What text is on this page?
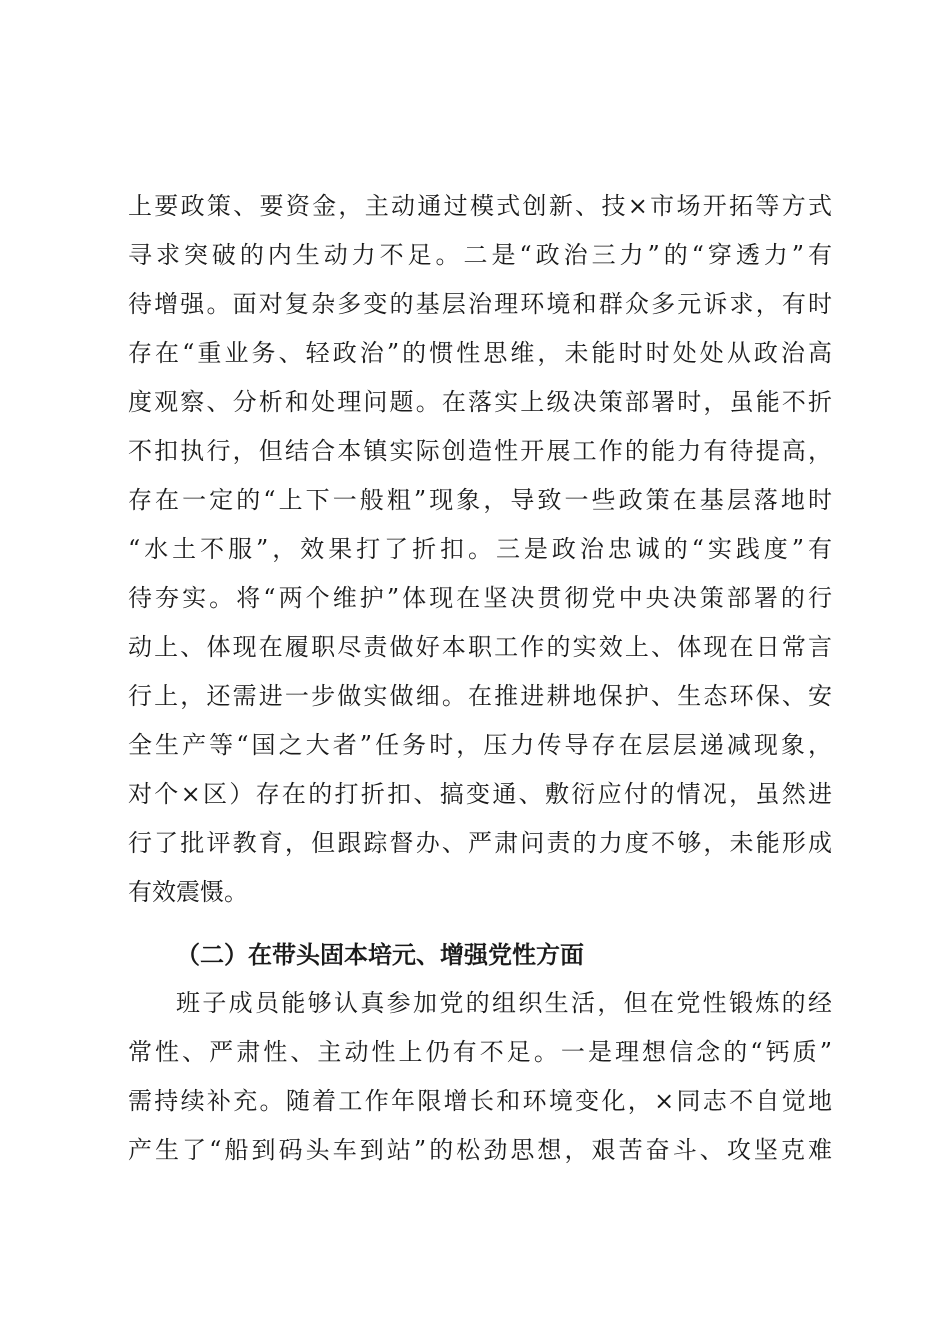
上要政策、要资金，主动通过模式创新、技×市场开拓等方式
寻求突破的内生动力不足。二是“政治三力”的“穿透力”有
待增强。面对复杂多变的基层治理环境和群众多元诉求，有时
存在“重业务、轻政治”的惯性思维，未能时时处处从政治高
度观察、分析和处理问题。在落实上级决策部署时，虽能不折
不扣执行，但结合本镇实际创造性开展工作的能力有待提高，
存在一定的“上下一般粗”现象，导致一些政策在基层落地时
“水土不服”，效果打了折扣。三是政治忠诚的“实践度”有
待夯实。将“两个维护”体现在坚决贯彻党中央决策部署的行
动上、体现在履职尽责做好本职工作的实效上、体现在日常言
行上，还需进一步做实做细。在推进耕地保护、生态环保、安
全生产等“国之大者”任务时，压力传导存在层层递减现象，
对个×区）存在的打折扣、搞变通、敷衍应付的情况，虽然进
行了批评教育，但跟踪督办、严肃问责的力度不够，未能形成
有效震慑。
（二）在带头固本培元、增强党性方面
班子成员能够认真参加党的组织生活，但在党性锻炼的经
常性、严肃性、主动性上仍有不足。一是理想信念的“钙质”
需持续补充。随着工作年限增长和环境变化，×同志不自觉地
产生了“船到码头车到站”的松劲思想，艰苦奋斗、攻坚克难
